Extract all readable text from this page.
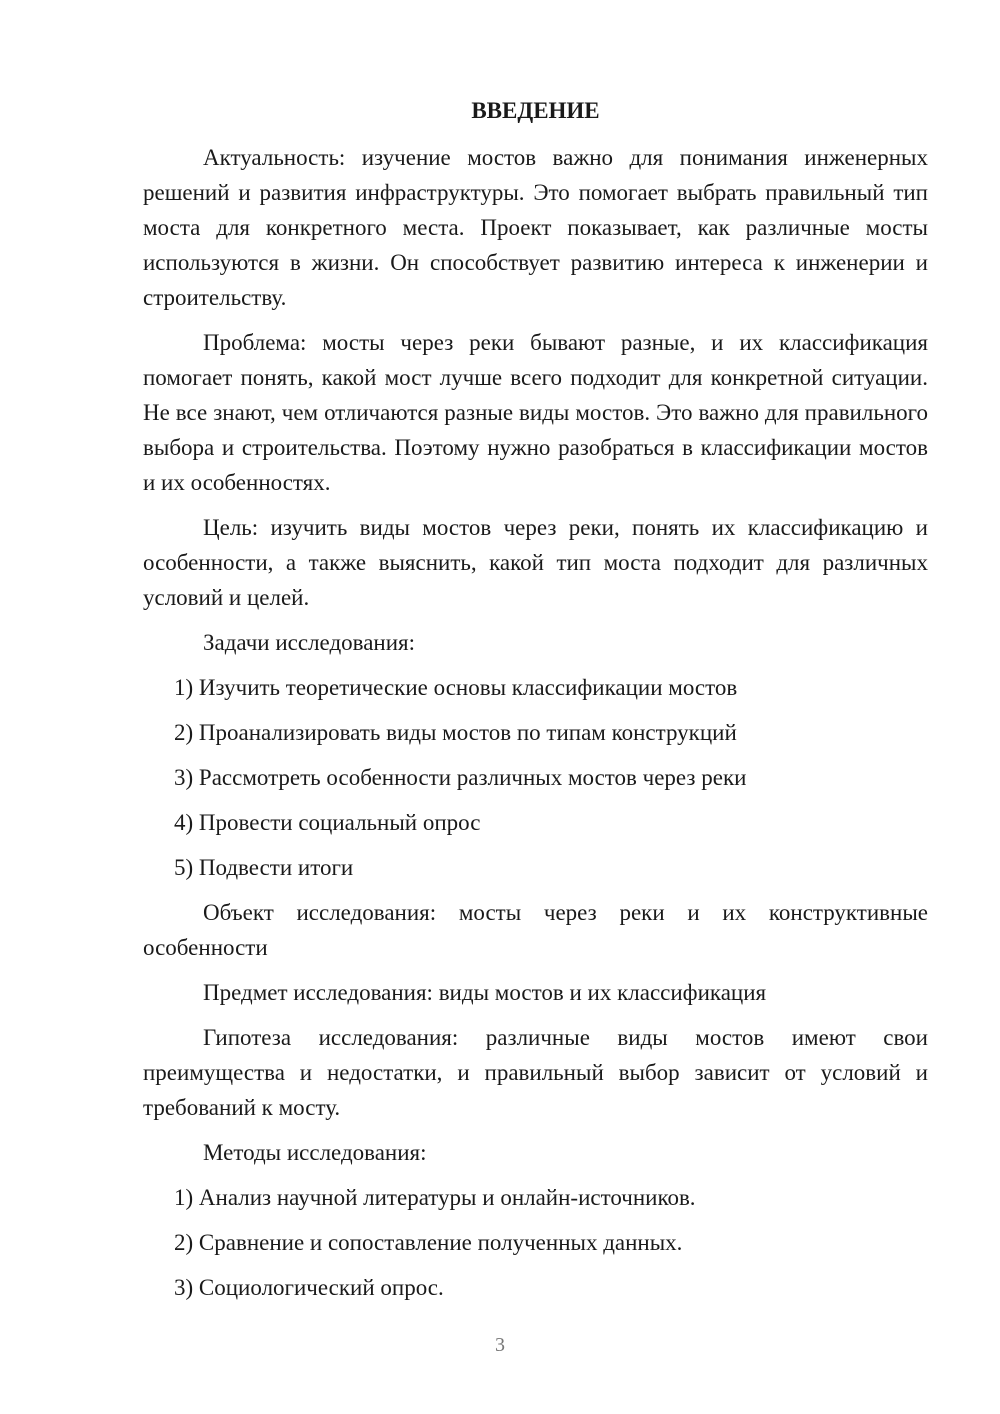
ВВЕДЕНИЕ

Актуальность: изучение мостов важно для понимания инженерных решений и развития инфраструктуры. Это помогает выбрать правильный тип моста для конкретного места. Проект показывает, как различные мосты используются в жизни. Он способствует развитию интереса к инженерии и строительству.

Проблема: мосты через реки бывают разные, и их классификация помогает понять, какой мост лучше всего подходит для конкретной ситуации. Не все знают, чем отличаются разные виды мостов. Это важно для правильного выбора и строительства. Поэтому нужно разобраться в классификации мостов и их особенностях.

Цель: изучить виды мостов через реки, понять их классификацию и особенности, а также выяснить, какой тип моста подходит для различных условий и целей.

Задачи исследования:
1) Изучить теоретические основы классификации мостов
2) Проанализировать виды мостов по типам конструкций
3) Рассмотреть особенности различных мостов через реки
4) Провести социальный опрос
5) Подвести итоги

Объект исследования: мосты через реки и их конструктивные особенности

Предмет исследования: виды мостов и их классификация

Гипотеза исследования: различные виды мостов имеют свои преимущества и недостатки, и правильный выбор зависит от условий и требований к мосту.

Методы исследования:
1) Анализ научной литературы и онлайн-источников.
2) Сравнение и сопоставление полученных данных.
3) Социологический опрос.
3
